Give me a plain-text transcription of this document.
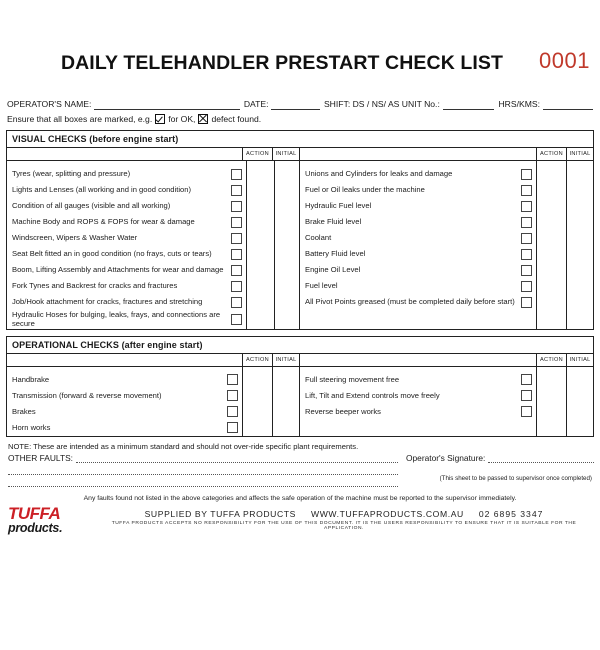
DAILY TELEHANDLER PRESTART CHECK LIST	0001
OPERATOR'S NAME:	DATE:	SHIFT: DS / NS/ AS UNIT No.:	HRS/KMS:
Ensure that all boxes are marked, e.g. for OK, ☒ defect found.
VISUAL CHECKS (before engine start)
ACTION	INITIAL
Tyres (wear, splitting and pressure)
Lights and Lenses (all working and in good condition)
Condition of all gauges (visible and all working)
Machine Body and ROPS & FOPS for wear & damage
Windscreen, Wipers & Washer Water
Seat Belt fitted an in good condition (no frays, cuts or tears)
Boom, Lifting Assembly and Attachments for wear and damage
Fork Tynes and Backrest for cracks and fractures
Job/Hook attachment for cracks, fractures and stretching
Hydraulic Hoses for bulging, leaks, frays, and connections are secure
ACTION	INITIAL
Unions and Cylinders for leaks and damage
Fuel or Oil leaks under the machine
Hydraulic Fuel level
Brake Fluid level
Coolant
Battery Fluid level
Engine Oil Level
Fuel level
All Pivot Points greased (must be completed daily before start)
OPERATIONAL CHECKS (after engine start)
ACTION	INITIAL
Handbrake
Transmission (forward & reverse movement)
Brakes
Horn works
ACTION	INITIAL
Full steering movement free
Lift, Tilt and Extend controls move freely
Reverse beeper works
NOTE: These are intended as a minimum standard and should not over-ride specific plant requirements.
OTHER FAULTS:	Operator's Signature:
(This sheet to be passed to supervisor once completed)
Any faults found not listed in the above categories and affects the safe operation of the machine must be reported to the supervisor immediately.
TUFFA
products.
SUPPLIED BY TUFFA PRODUCTS WWW.TUFFAPRODUCTS.COM.AU 02 6895 3347
TUFFA PRODUCTS ACCEPTS NO RESPONSIBILITY FOR THE USE OF THIS DOCUMENT. IT IS THE USERS RESPONSIBILITY TO ENSURE THAT IT IS SUITABLE FOR THE APPLICATION.
